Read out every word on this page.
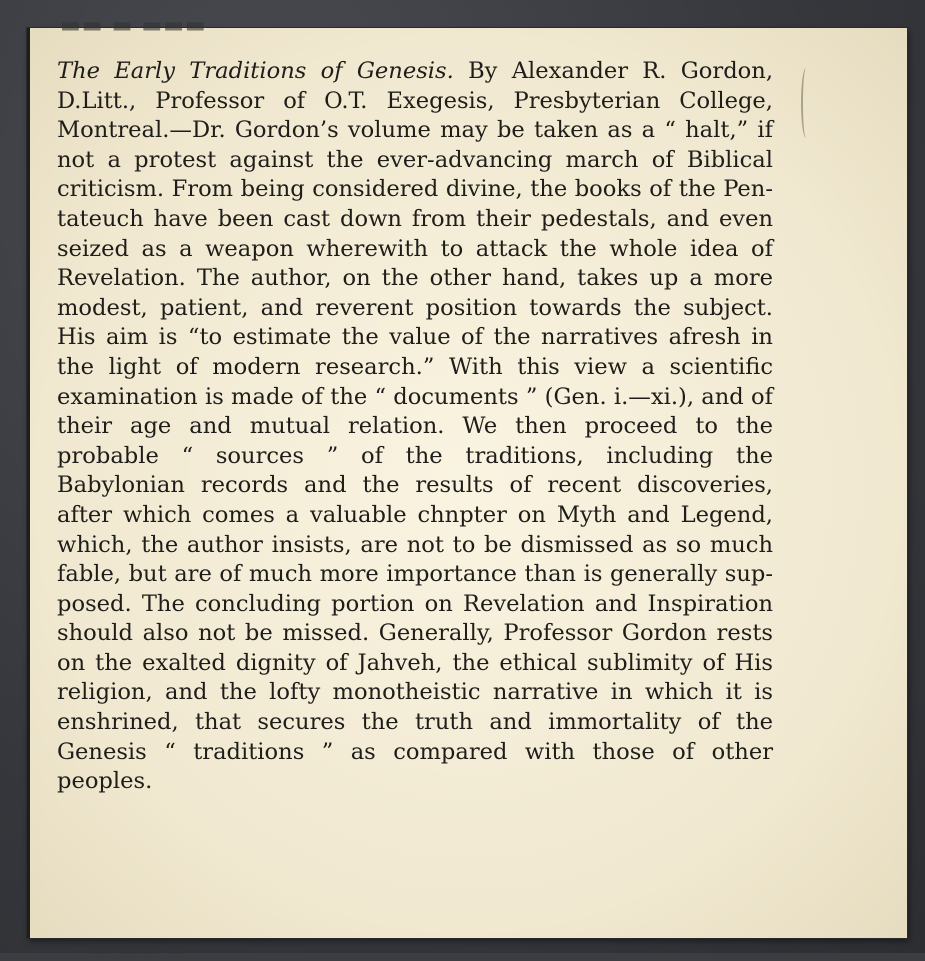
▬▬ ▬ ▬▬▬

The Early Traditions of Genesis. By Alexander R. Gordon, D.Litt., Professor of O.T. Exegesis, Presbyterian College, Montreal.—Dr. Gordon’s volume may be taken as a “ halt,” if not a protest against the ever-advancing march of Biblical criticism. From being considered divine, the books of the Pentateuch have been cast down from their pedestals, and even seized as a weapon wherewith to attack the whole idea of Revelation. The author, on the other hand, takes up a more modest, patient, and reverent position towards the subject. His aim is “to estimate the value of the narratives afresh in the light of modern research.” With this view a scientific examination is made of the “ documents ” (Gen. i.—xi.), and of their age and mutual relation. We then proceed to the probable “ sources ” of the traditions, including the Babylonian records and the results of recent discoveries, after which comes a valuable chnpter on Myth and Legend, which, the author insists, are not to be dismissed as so much fable, but are of much more importance than is generally supposed. The concluding portion on Revelation and Inspiration should also not be missed. Generally, Professor Gordon rests on the exalted dignity of Jahveh, the ethical sublimity of His religion, and the lofty monotheistic narrative in which it is enshrined, that secures the truth and immortality of the Genesis “ traditions ” as compared with those of other peoples.
